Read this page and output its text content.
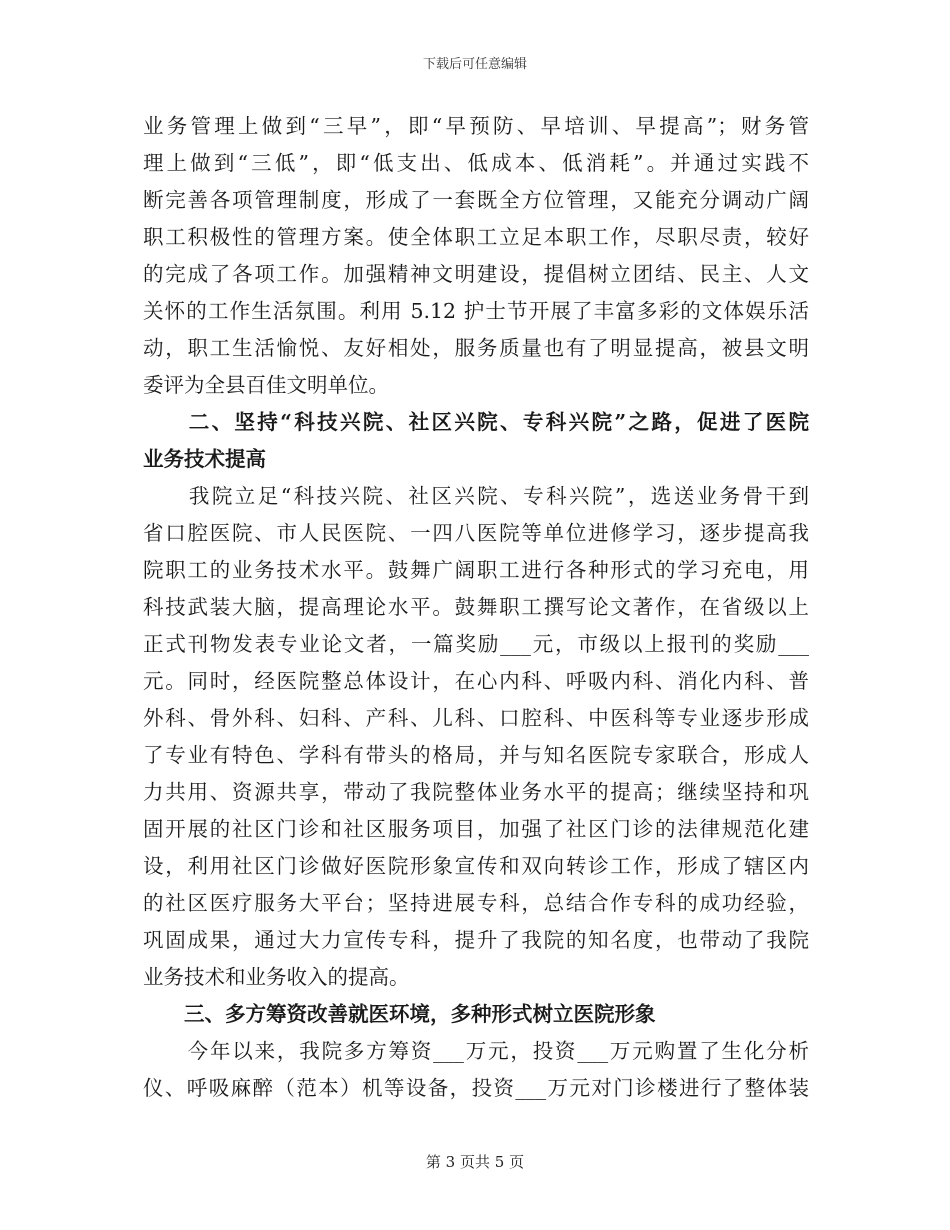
下载后可任意编辑
业务管理上做到“三早”，即“早预防、早培训、早提高”；财务管
理上做到“三低”，即“低支出、低成本、低消耗”。并通过实践不
断完善各项管理制度，形成了一套既全方位管理，又能充分调动广阔
职工积极性的管理方案。使全体职工立足本职工作，尽职尽责，较好
的完成了各项工作。加强精神文明建设，提倡树立团结、民主、人文
关怀的工作生活氛围。利用 5.12 护士节开展了丰富多彩的文体娱乐活
动，职工生活愉悦、友好相处，服务质量也有了明显提高，被县文明
委评为全县百佳文明单位。
　　二、坚持“科技兴院、社区兴院、专科兴院”之路，促进了医院
业务技术提高
　　我院立足“科技兴院、社区兴院、专科兴院”，选送业务骨干到
省口腔医院、市人民医院、一四八医院等单位进修学习，逐步提高我
院职工的业务技术水平。鼓舞广阔职工进行各种形式的学习充电，用
科技武装大脑，提高理论水平。鼓舞职工撰写论文著作，在省级以上
正式刊物发表专业论文者，一篇奖励___元，市级以上报刊的奖励___
元。同时，经医院整总体设计，在心内科、呼吸内科、消化内科、普
外科、骨外科、妇科、产科、儿科、口腔科、中医科等专业逐步形成
了专业有特色、学科有带头的格局，并与知名医院专家联合，形成人
力共用、资源共享，带动了我院整体业务水平的提高；继续坚持和巩
固开展的社区门诊和社区服务项目，加强了社区门诊的法律规范化建
设，利用社区门诊做好医院形象宣传和双向转诊工作，形成了辖区内
的社区医疗服务大平台；坚持进展专科，总结合作专科的成功经验，
巩固成果，通过大力宣传专科，提升了我院的知名度，也带动了我院
业务技术和业务收入的提高。
　　三、多方筹资改善就医环境，多种形式树立医院形象
　　今年以来，我院多方筹资___万元，投资___万元购置了生化分析
仪、呼吸麻醉（范本）机等设备，投资___万元对门诊楼进行了整体装
第 3 页共 5 页
